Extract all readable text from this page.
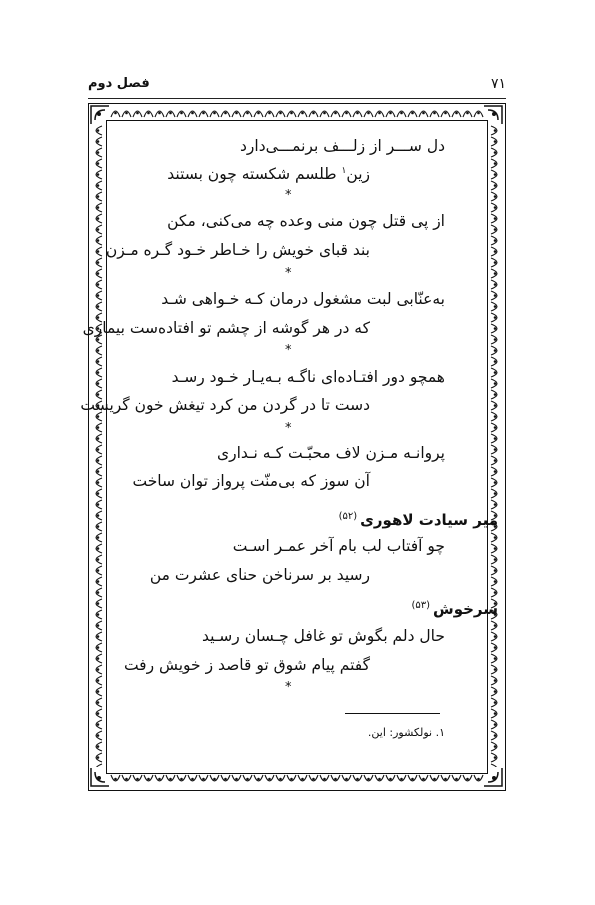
۷۱
فصل دوم
دل ســـر از زلـــف برنمـــی‌دارد
زین$^۱$ طلسم شکسته چون بستند
*
از پی قتل چون منی وعده چه می‌کنی، مکن
بند قبای خویش را خـاطر خـود گـره مـزن
*
به‌عنّابی لبت مشغول درمان کـه خـواهی شـد
که در هر گوشه از چشم تو افتاده‌ست بیماری
*
همچو دور افتـاده‌ای ناگـه بـه‌یـار خـود رسـد
دست تا در گردن من کرد تیغش خون گریست
*
پروانـه مـزن لاف محبّـت کـه نـداری
آن سوز که بی‌منّت پرواز توان ساخت
میر سیادت لاهوری$^{(۵۲)}$
چو آفتاب لب بام آخر عمـر اسـت
رسید بر سرناخن حنای عشرت من
سرخوش$^{(۵۳)}$
حال دلم بگوش تو غافل چـسان رسـید
گفتم پیام شوق تو قاصد ز خویش رفت
*
۱. نولکشور: این.
